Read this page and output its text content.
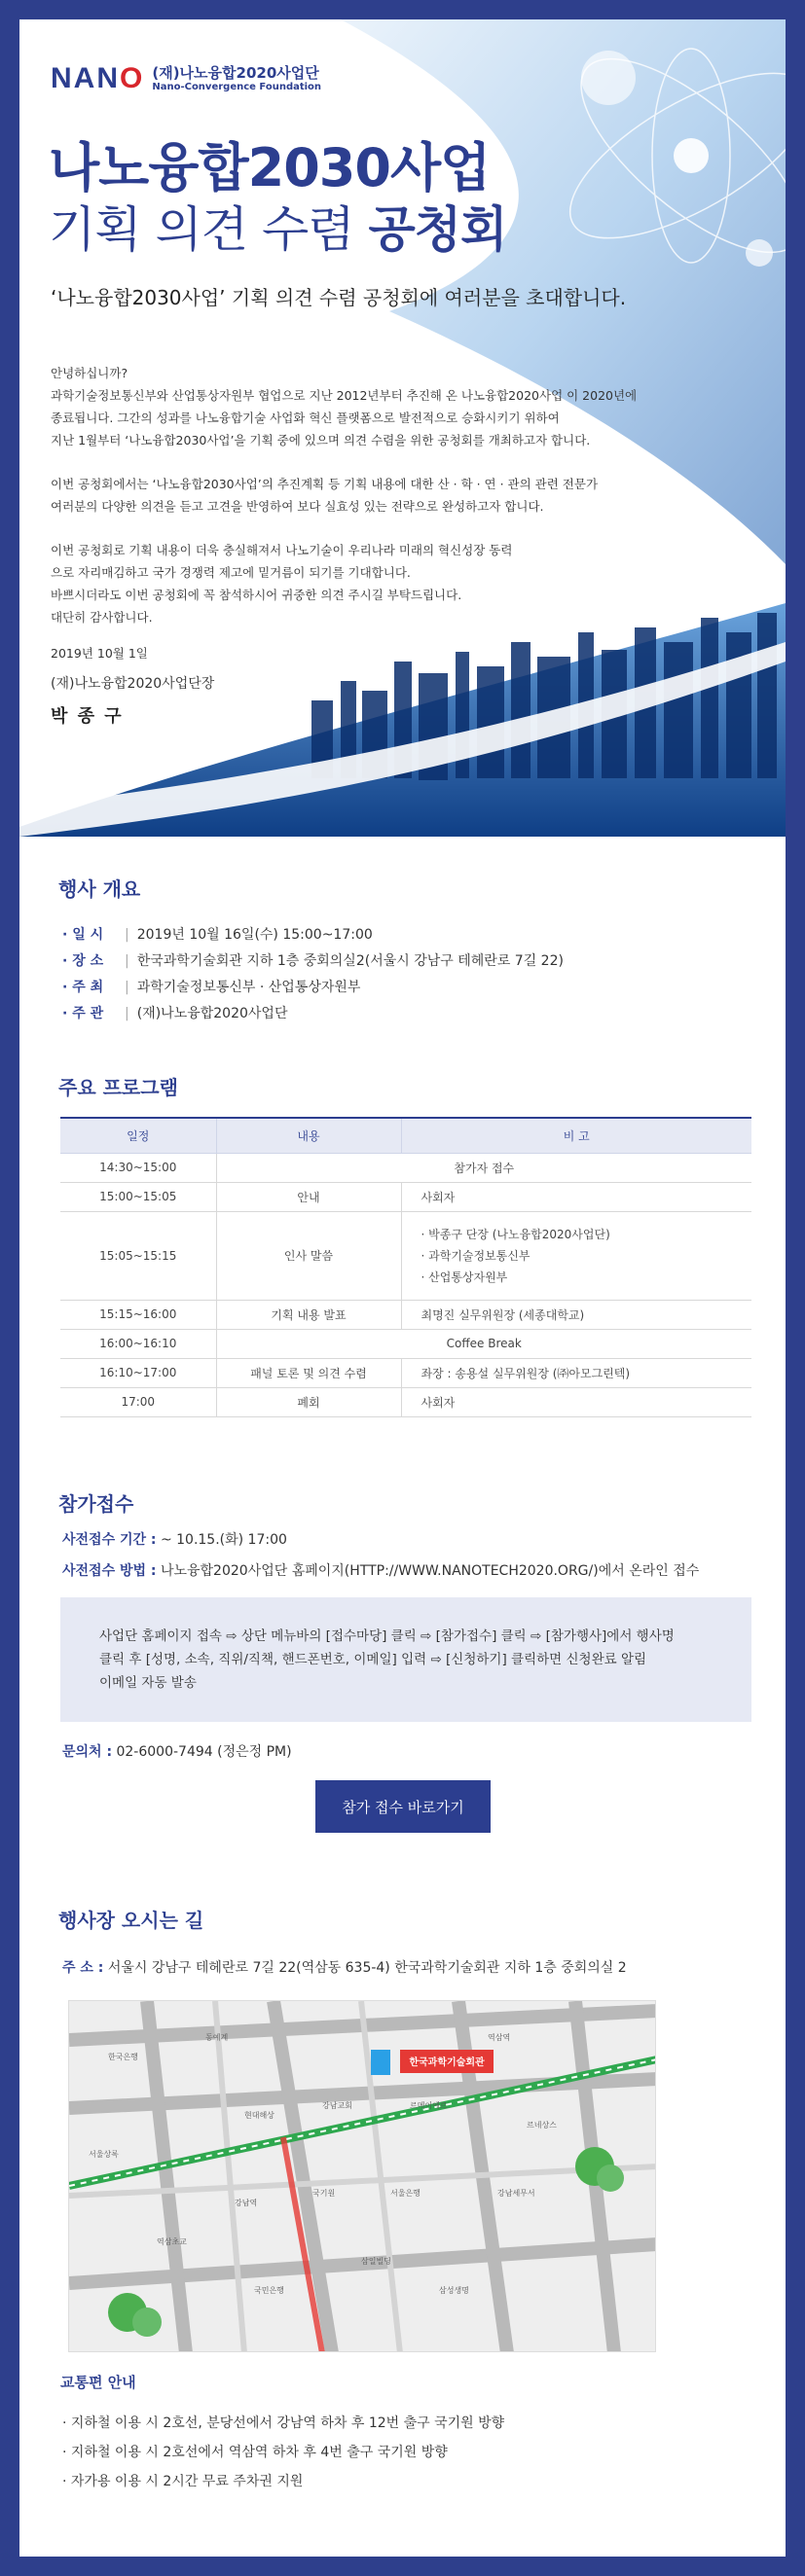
NANO (재)나노융합2020사업단
Nano-Convergence Foundation
나노융합2030사업
기획 의견 수렴 공청회
‘나노융합2030사업’ 기획 의견 수렴 공청회에 여러분을 초대합니다.

안녕하십니까?
과학기술정보통신부와 산업통상자원부 협업으로 지난 2012년부터 추진해 온 나노융합2020사업 이 2020년에
종료됩니다. 그간의 성과를 나노융합기술 사업화 혁신 플랫폼으로 발전적으로 승화시키기 위하여
지난 1월부터 ‘나노융합2030사업’을 기획 중에 있으며 의견 수렴을 위한 공청회를 개최하고자 합니다.

이번 공청회에서는 ‘나노융합2030사업’의 추진계획 등 기획 내용에 대한 산 · 학 · 연 · 관의 관련 전문가
여러분의 다양한 의견을 듣고 고견을 반영하여 보다 실효성 있는 전략으로 완성하고자 합니다.

이번 공청회로 기획 내용이 더욱 충실해져서 나노기술이 우리나라 미래의 혁신성장 동력
으로 자리매김하고 국가 경쟁력 제고에 밑거름이 되기를 기대합니다.
바쁘시더라도 이번 공청회에 꼭 참석하시어 귀중한 의견 주시길 부탁드립니다.
대단히 감사합니다.

2019년 10월 1일
(재)나노융합2020사업단장
박 종 구
행사 개요
· 일 시	| 2019년 10월 16일(수) 15:00~17:00
· 장 소	| 한국과학기술회관 지하 1층 중회의실2(서울시 강남구 테헤란로 7길 22)
· 주 최	| 과학기술정보통신부 · 산업통상자원부
· 주 관	| (재)나노융합2020사업단
주요 프로그램
일정	내용	비 고
14:30~15:00	참가자 접수	
15:00~15:05	안내	사회자
15:05~15:15	인사 말씀	· 박종구 단장 (나노융합2020사업단)
· 과학기술정보통신부
· 산업통상자원부

15:15~16:00	기획 내용 발표	최명진 실무위원장 (세종대학교)
16:00~16:10	Coffee Break	
16:10~17:00	패널 토론 및 의견 수렴	좌장 : 송용설 실무위원장 (㈜아모그린텍)
17:00	폐회	사회자
참가접수
사전접수 기간 : ~ 10.15.(화) 17:00
사전접수 방법 : 나노융합2020사업단 홈페이지(HTTP://WWW.NANOTECH2020.ORG/)에서 온라인 접수
사업단 홈페이지 접속 ⇨ 상단 메뉴바의 [접수마당] 클릭 ⇨ [참가접수] 클릭 ⇨ [참가행사]에서 행사명
클릭 후 [성명, 소속, 직위/직책, 핸드폰번호, 이메일] 입력 ⇨ [신청하기] 클릭하면 신청완료 알림
이메일 자동 발송
문의처 : 02-6000-7494 (정은정 PM)
참가 접수 바로가기
행사장 오시는 길
주 소 : 서울시 강남구 테헤란로 7길 22(역삼동 635-4) 한국과학기술회관 지하 1층 중회의실 2
한국과학기술회관
서울상록
동예계
강남역
역삼역
르네상스
한국은행
현대해상
국기원
강남교회
역삼초교
서울은행
르메이에르
강남세무서
삼일빌딩
국민은행	삼성생명
교통편 안내
· 지하철 이용 시 2호선, 분당선에서 강남역 하차 후 12번 출구 국기원 방향
· 지하철 이용 시 2호선에서 역삼역 하차 후 4번 출구 국기원 방향
· 자가용 이용 시 2시간 무료 주차권 지원
